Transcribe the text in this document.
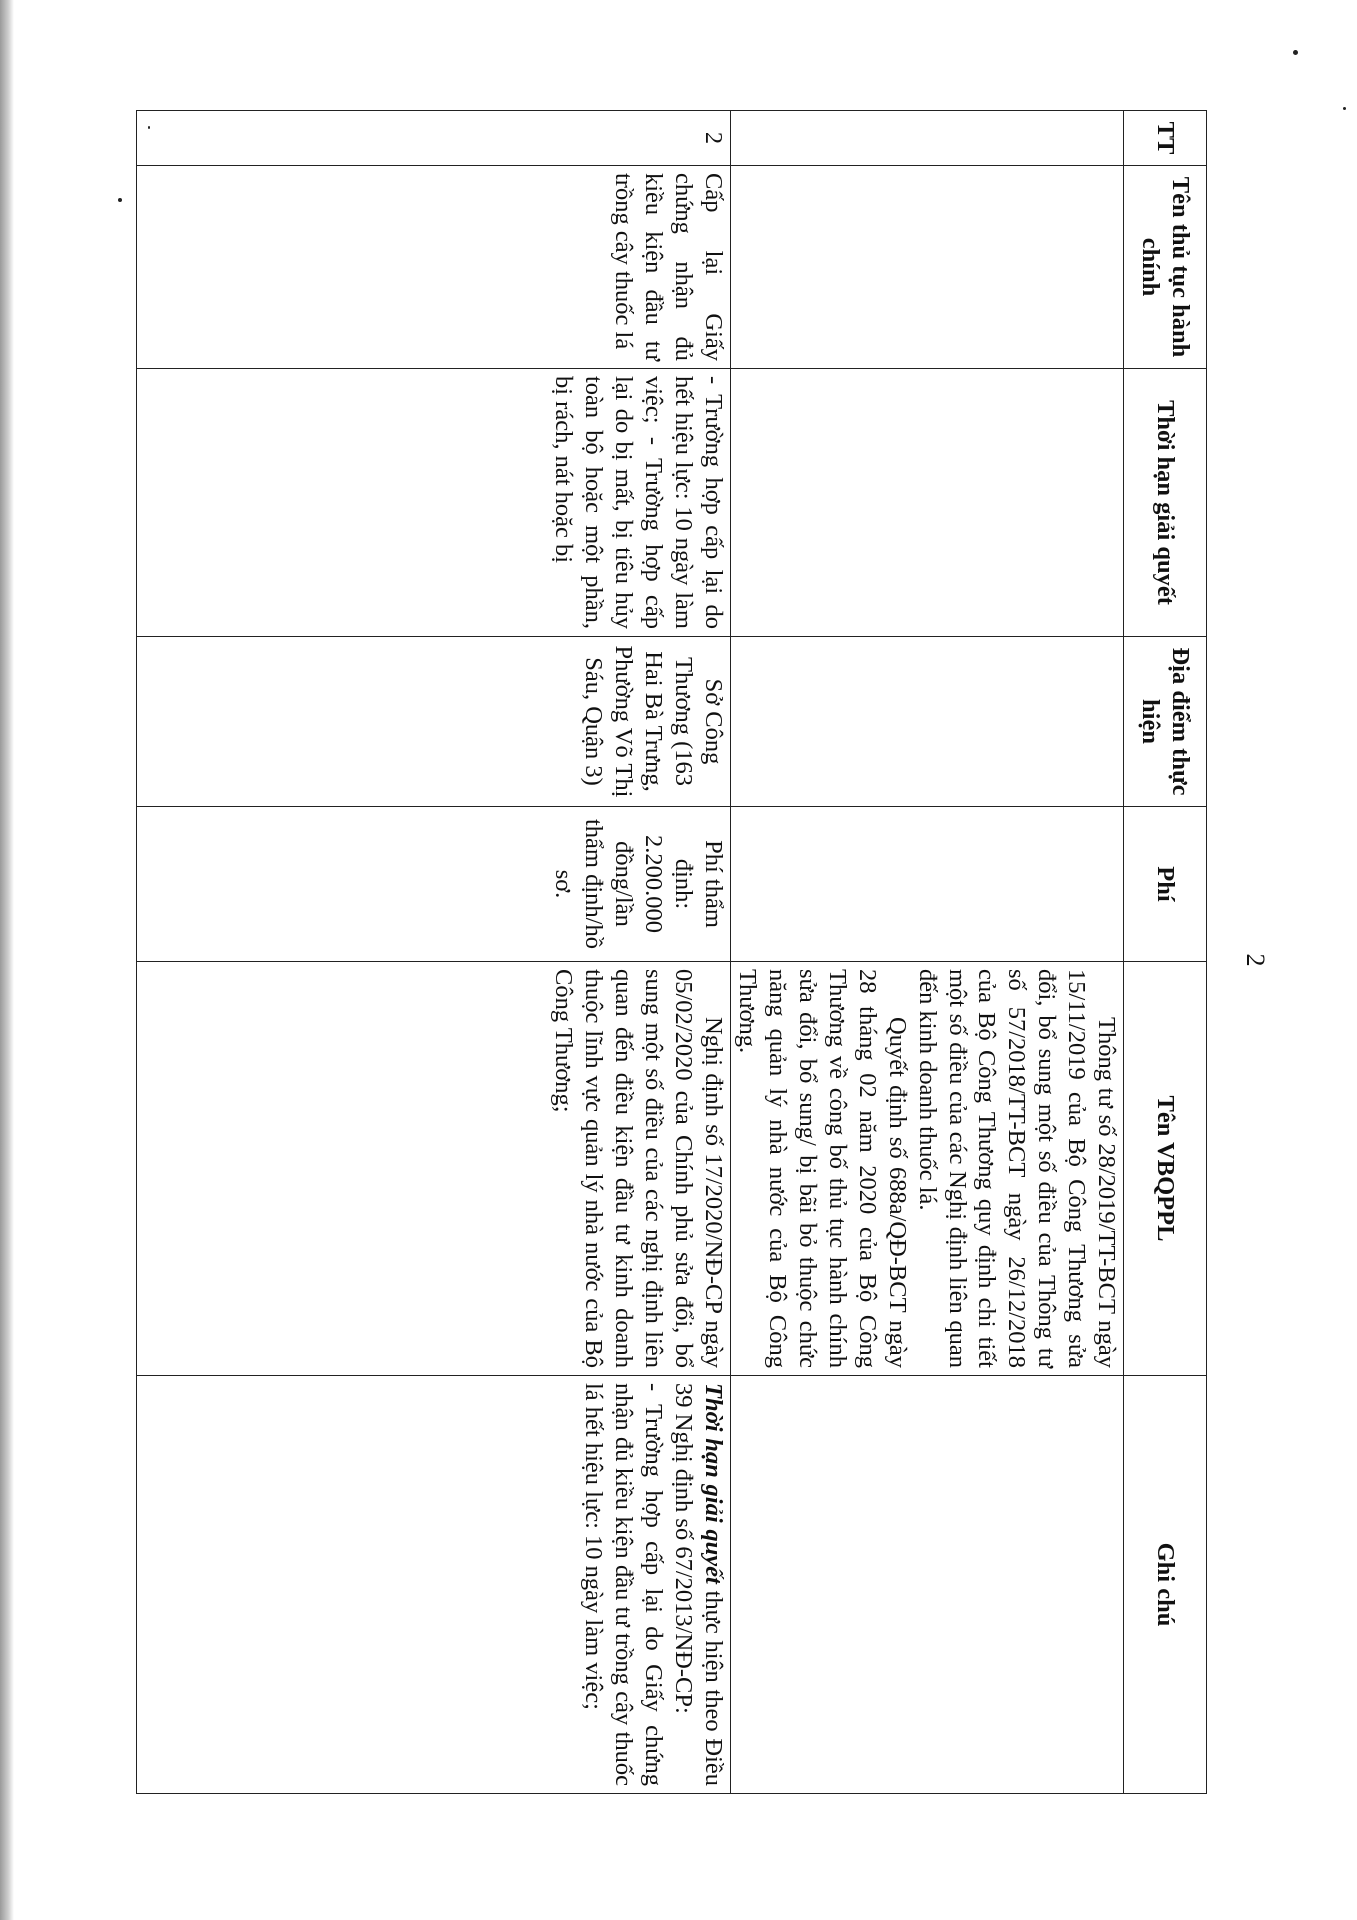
2
TT	Tên thủ tục hành chính	Thời hạn giải quyết	Địa điểm thực hiện	Phí	Tên VBQPPL	Ghi chú

					Thông tư số 28/2019/TT-BCT ngày 15/11/2019 của Bộ Công Thương sửa đổi, bổ sung một số điều của Thông tư số 57/2018/TT-BCT ngày 26/12/2018 của Bộ Công Thương quy định chi tiết một số điều của các Nghị định liên quan đến kinh doanh thuốc lá.

Quyết định số 688a/QĐ-BCT ngày 28 tháng 02 năm 2020 của Bộ Công Thương về công bố thủ tục hành chính sửa đổi, bổ sung/ bị bãi bỏ thuộc chức năng quản lý nhà nước của Bộ Công Thương.	

2	Cấp lại Giấy chứng nhận đủ kiều kiện đầu tư trồng cây thuốc lá	- Trường hợp cấp lại do hết hiệu lực: 10 ngày làm việc; - Trường hợp cấp lại do bị mất, bị tiêu hủy toàn bộ hoặc một phần, bị rách, nát hoặc bị	Sở Công Thương (163 Hai Bà Trưng, Phường Võ Thị Sáu, Quận 3)	Phí thẩm định: 2.200.000 đồng/lần thẩm định/hồ sơ.	Nghị định số 17/2020/NĐ-CP ngày 05/02/2020 của Chính phủ sửa đổi, bổ sung một số điều của các nghị định liên quan đến điều kiện đầu tư kinh doanh thuộc lĩnh vực quản lý nhà nước của Bộ Công Thương;	Thời hạn giải quyết thực hiện theo Điều 39 Nghị định số 67/2013/NĐ-CP:

- Trường hợp cấp lại do Giấy chứng nhận đủ kiều kiện đầu tư trồng cây thuốc lá hết hiệu lực: 10 ngày làm việc;
